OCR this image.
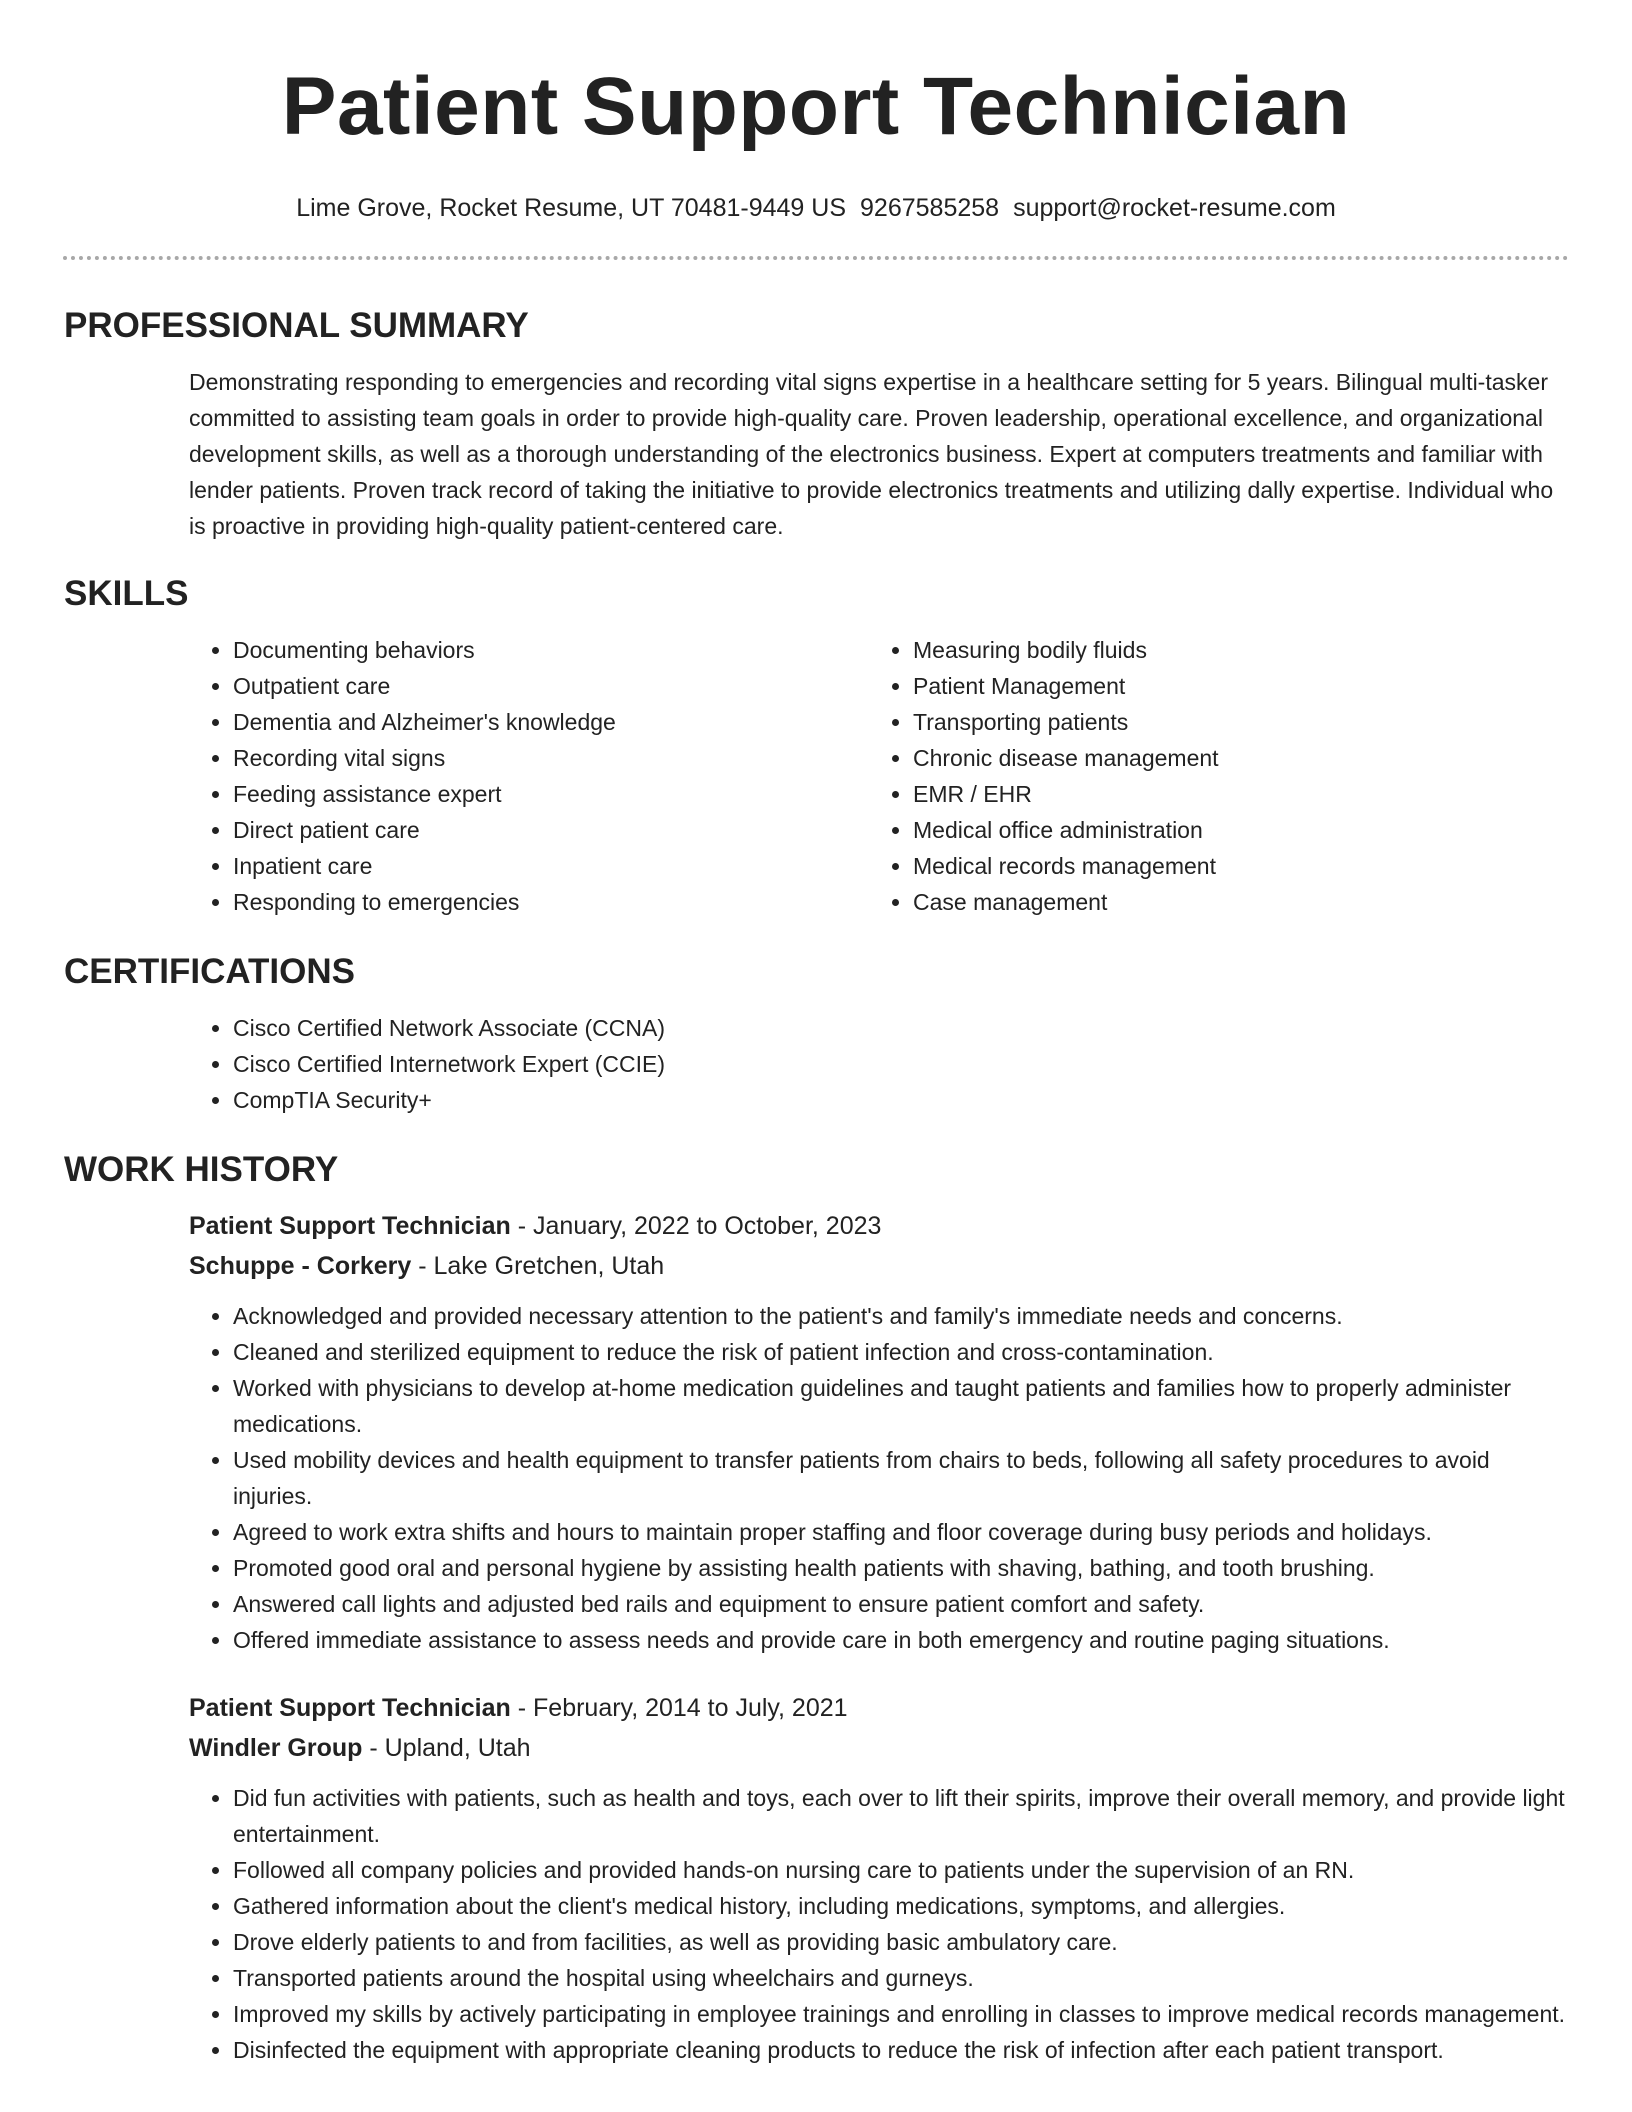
Patient Support Technician
Lime Grove, Rocket Resume, UT 70481-9449 US 9267585258 support@rocket-resume.com
PROFESSIONAL SUMMARY

Demonstrating responding to emergencies and recording vital signs expertise in a healthcare setting for 5 years. Bilingual multi-tasker committed to assisting team goals in order to provide high-quality care. Proven leadership, operational excellence, and organizational development skills, as well as a thorough understanding of the electronics business. Expert at computers treatments and familiar with lender patients. Proven track record of taking the initiative to provide electronics treatments and utilizing dally expertise. Individual who is proactive in providing high-quality patient-centered care.

SKILLS
• Documenting behaviors
• Outpatient care
• Dementia and Alzheimer's knowledge
• Recording vital signs
• Feeding assistance expert
• Direct patient care
• Inpatient care
• Responding to emergencies
• Measuring bodily fluids
• Patient Management
• Transporting patients
• Chronic disease management
• EMR / EHR
• Medical office administration
• Medical records management
• Case management
CERTIFICATIONS
• Cisco Certified Network Associate (CCNA)
• Cisco Certified Internetwork Expert (CCIE)
• CompTIA Security+
WORK HISTORY
Patient Support Technician - January, 2022 to October, 2023
Schuppe - Corkery - Lake Gretchen, Utah
• Acknowledged and provided necessary attention to the patient's and family's immediate needs and concerns.
• Cleaned and sterilized equipment to reduce the risk of patient infection and cross-contamination.
• Worked with physicians to develop at-home medication guidelines and taught patients and families how to properly administer medications.
• Used mobility devices and health equipment to transfer patients from chairs to beds, following all safety procedures to avoid injuries.
• Agreed to work extra shifts and hours to maintain proper staffing and floor coverage during busy periods and holidays.
• Promoted good oral and personal hygiene by assisting health patients with shaving, bathing, and tooth brushing.
• Answered call lights and adjusted bed rails and equipment to ensure patient comfort and safety.
• Offered immediate assistance to assess needs and provide care in both emergency and routine paging situations.
Patient Support Technician - February, 2014 to July, 2021
Windler Group - Upland, Utah
• Did fun activities with patients, such as health and toys, each over to lift their spirits, improve their overall memory, and provide light entertainment.
• Followed all company policies and provided hands-on nursing care to patients under the supervision of an RN.
• Gathered information about the client's medical history, including medications, symptoms, and allergies.
• Drove elderly patients to and from facilities, as well as providing basic ambulatory care.
• Transported patients around the hospital using wheelchairs and gurneys.
• Improved my skills by actively participating in employee trainings and enrolling in classes to improve medical records management.
• Disinfected the equipment with appropriate cleaning products to reduce the risk of infection after each patient transport.
